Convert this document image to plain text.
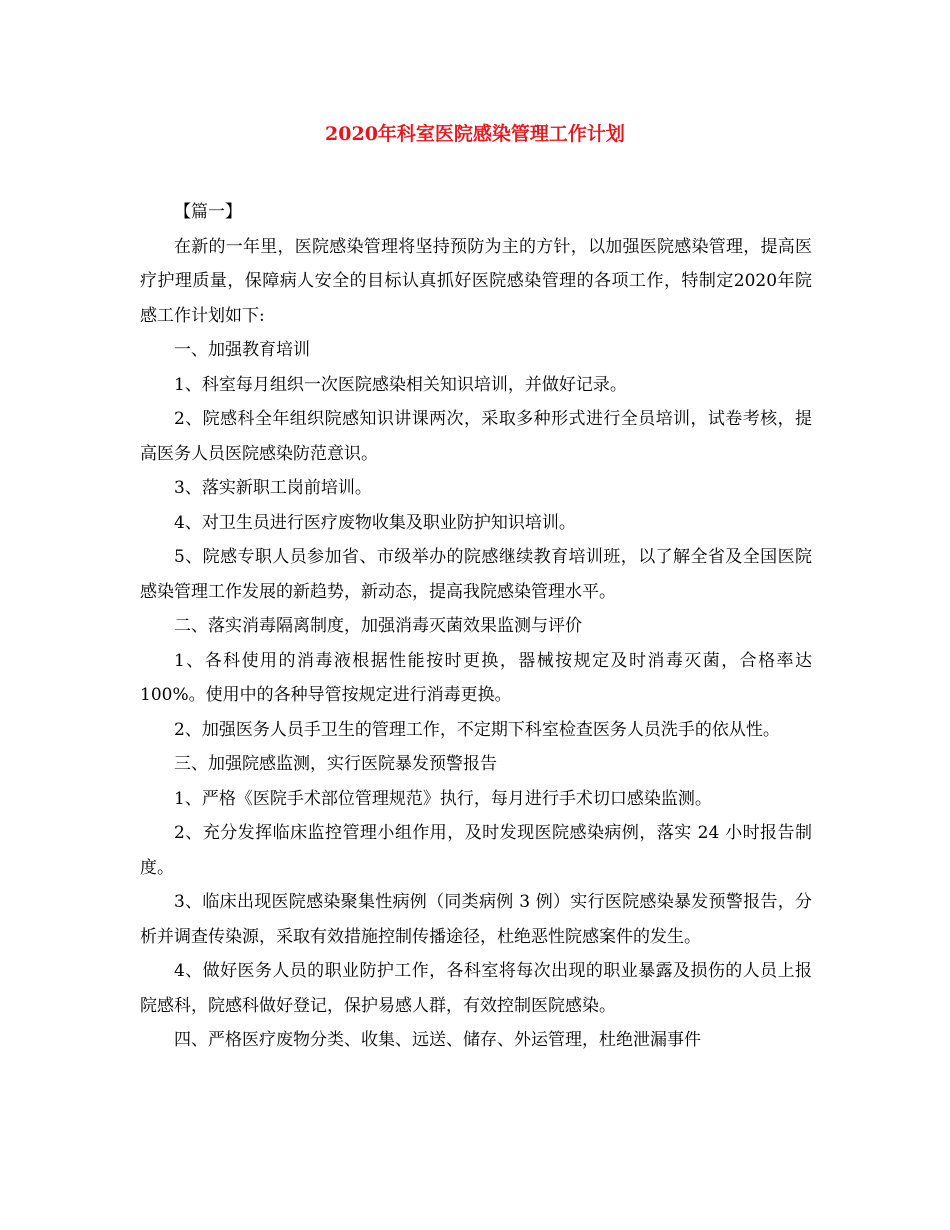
2020年科室医院感染管理工作计划

【篇一】

在新的一年里，医院感染管理将坚持预防为主的方针，以加强医院感染管理，提高医疗护理质量，保障病人安全的目标认真抓好医院感染管理的各项工作，特制定2020年院感工作计划如下:

一、加强教育培训

1、科室每月组织一次医院感染相关知识培训，并做好记录。

2、院感科全年组织院感知识讲课两次，采取多种形式进行全员培训，试卷考核，提高医务人员医院感染防范意识。

3、落实新职工岗前培训。

4、对卫生员进行医疗废物收集及职业防护知识培训。

5、院感专职人员参加省、市级举办的院感继续教育培训班，以了解全省及全国医院感染管理工作发展的新趋势，新动态，提高我院感染管理水平。

二、落实消毒隔离制度，加强消毒灭菌效果监测与评价

1、各科使用的消毒液根据性能按时更换，器械按规定及时消毒灭菌，合格率达100%。使用中的各种导管按规定进行消毒更换。

2、加强医务人员手卫生的管理工作，不定期下科室检查医务人员洗手的依从性。

三、加强院感监测，实行医院暴发预警报告

1、严格《医院手术部位管理规范》执行，每月进行手术切口感染监测。

2、充分发挥临床监控管理小组作用，及时发现医院感染病例，落实 24 小时报告制度。

3、临床出现医院感染聚集性病例（同类病例 3 例）实行医院感染暴发预警报告，分析并调查传染源，采取有效措施控制传播途径，杜绝恶性院感案件的发生。

4、做好医务人员的职业防护工作，各科室将每次出现的职业暴露及损伤的人员上报院感科，院感科做好登记，保护易感人群，有效控制医院感染。

四、严格医疗废物分类、收集、远送、储存、外运管理，杜绝泄漏事件
